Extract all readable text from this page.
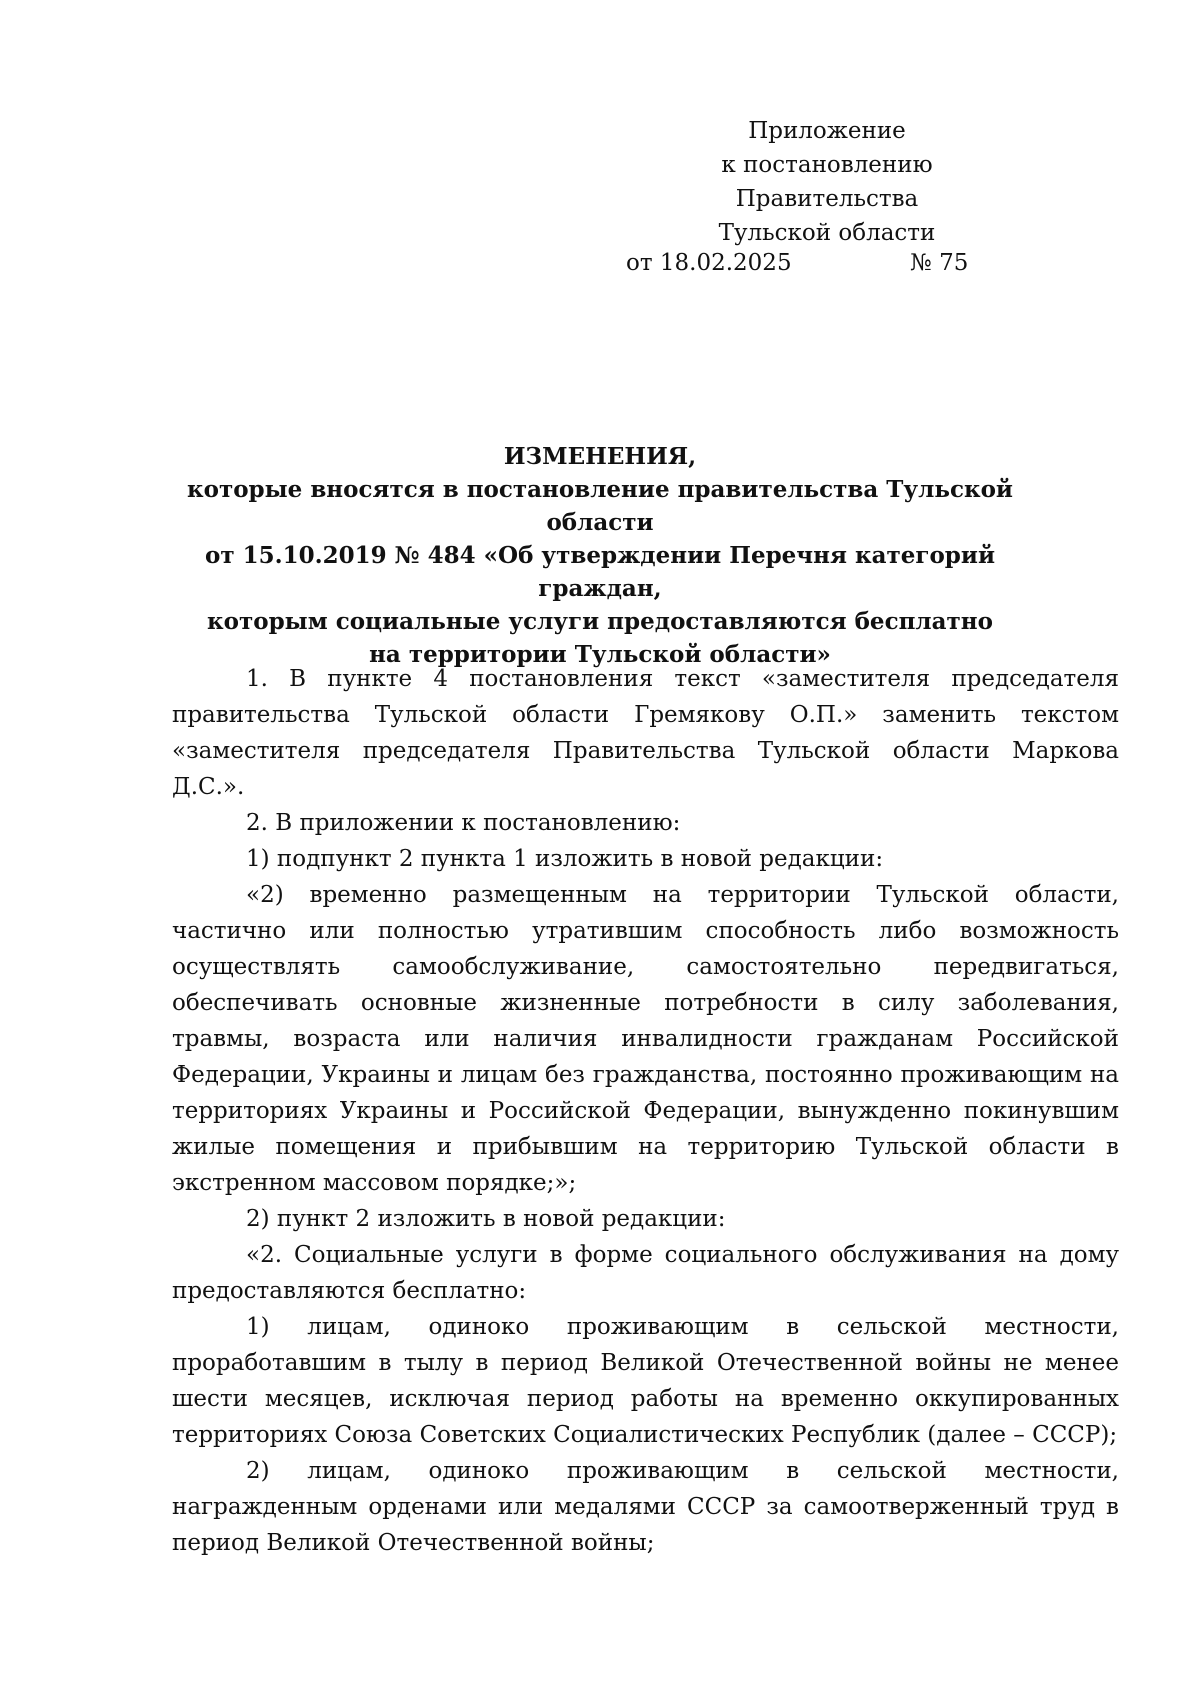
Приложение
к постановлению Правительства
Тульской области
от 18.02.2025	№ 75
ИЗМЕНЕНИЯ,
которые вносятся в постановление правительства Тульской области
от 15.10.2019 № 484 «Об утверждении Перечня категорий граждан,
которым социальные услуги предоставляются бесплатно
на территории Тульской области»

1. В пункте 4 постановления текст «заместителя председателя правительства Тульской области Гремякову О.П.» заменить текстом «заместителя председателя Правительства Тульской области Маркова Д.С.».

2. В приложении к постановлению:

1) подпункт 2 пункта 1 изложить в новой редакции:

«2) временно размещенным на территории Тульской области, частично или полностью утратившим способность либо возможность осуществлять самообслуживание, самостоятельно передвигаться, обеспечивать основные жизненные потребности в силу заболевания, травмы, возраста или наличия инвалидности гражданам Российской Федерации, Украины и лицам без гражданства, постоянно проживающим на территориях Украины и Российской Федерации, вынужденно покинувшим жилые помещения и прибывшим на территорию Тульской области в экстренном массовом порядке;»;

2) пункт 2 изложить в новой редакции:

«2. Социальные услуги в форме социального обслуживания на дому предоставляются бесплатно:

1) лицам, одиноко проживающим в сельской местности, проработавшим в тылу в период Великой Отечественной войны не менее шести месяцев, исключая период работы на временно оккупированных территориях Союза Советских Социалистических Республик (далее – СССР);

2) лицам, одиноко проживающим в сельской местности, награжденным орденами или медалями СССР за самоотверженный труд в период Великой Отечественной войны;
